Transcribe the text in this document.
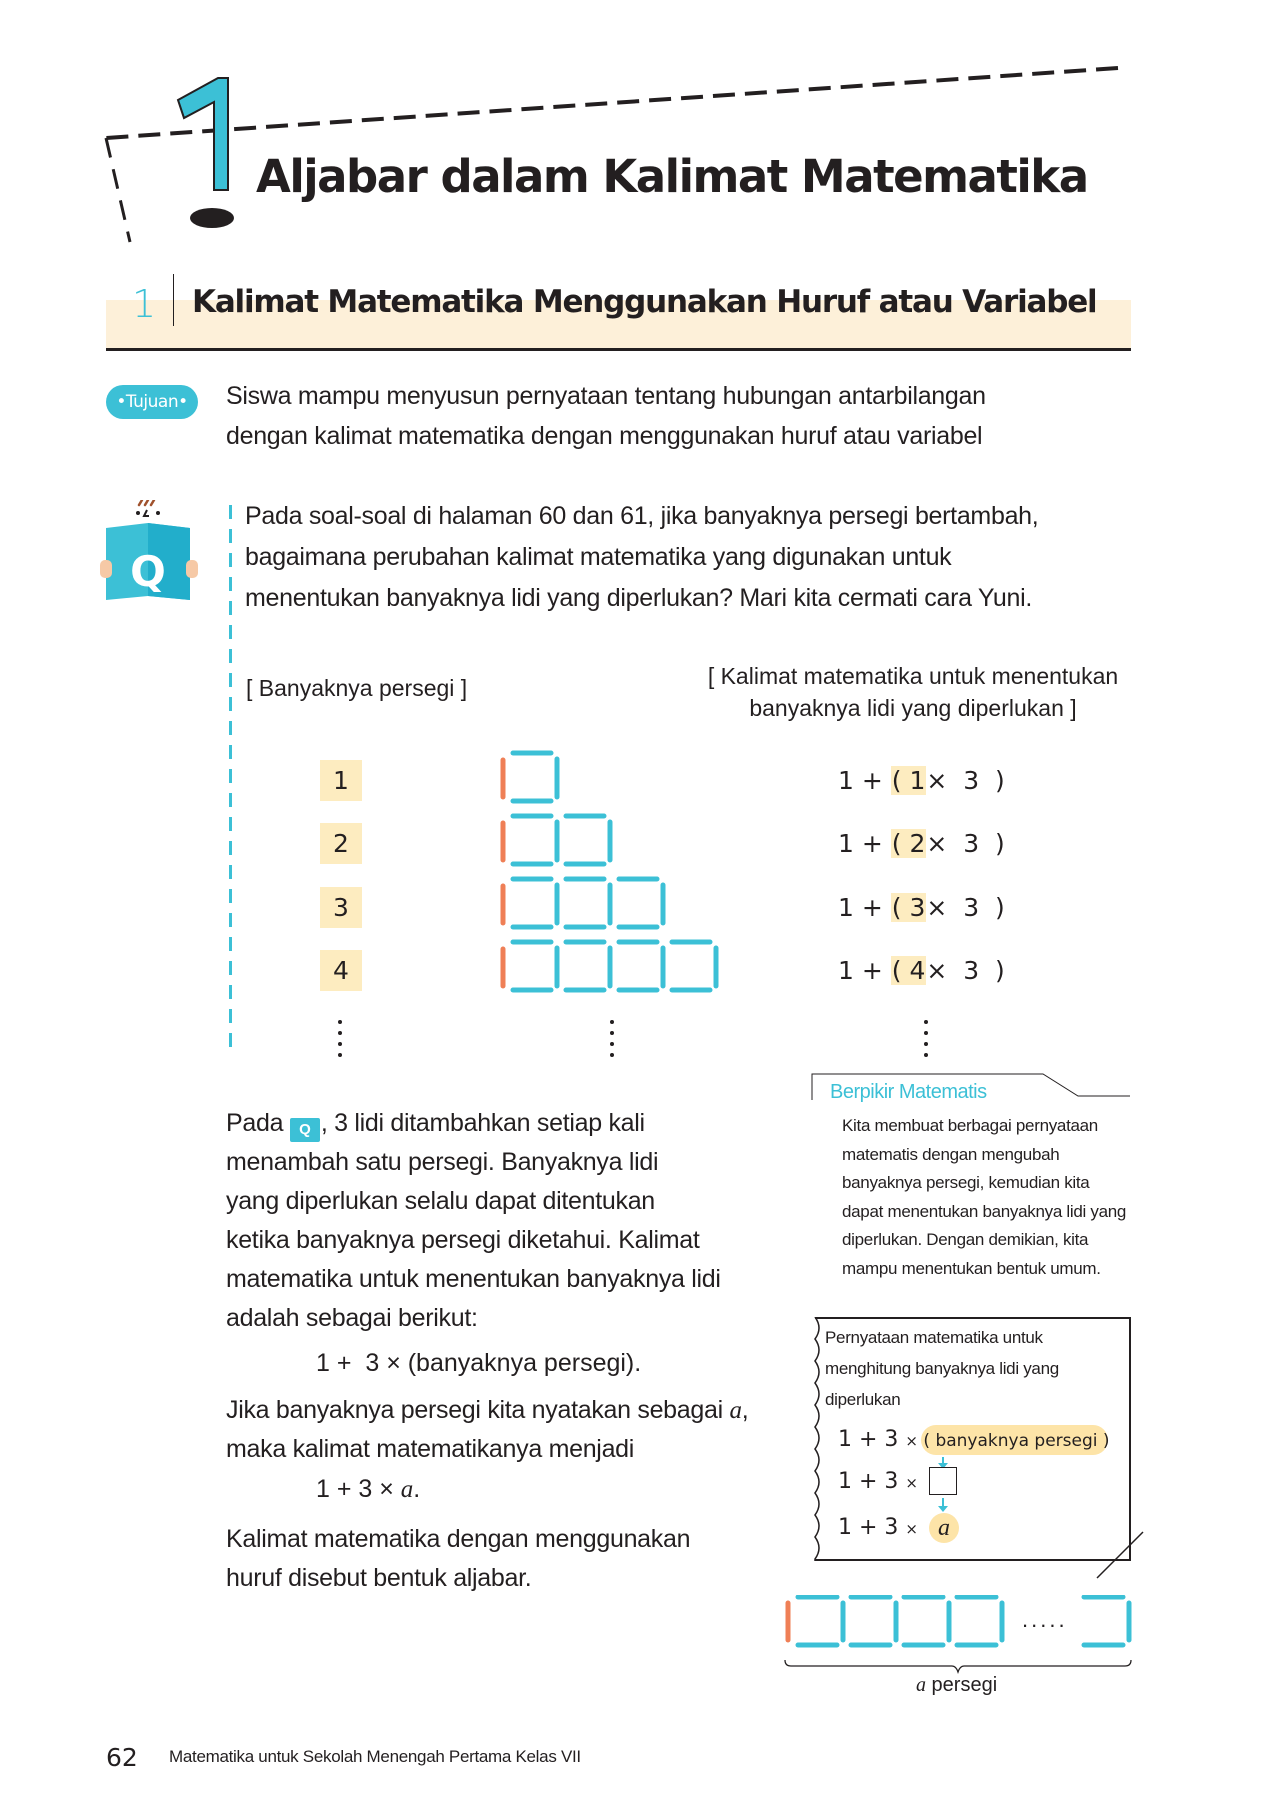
Aljabar dalam Kalimat Matematika
1 Kalimat Matematika Menggunakan Huruf atau Variabel
•Tujuan•	Siswa mampu menyusun pernyataan tentang hubungan antarbilangan
dengan kalimat matematika dengan menggunakan huruf atau variabel
Q
Pada soal-soal di halaman 60 dan 61, jika banyaknya persegi bertambah,
bagaimana perubahan kalimat matematika yang digunakan untuk
menentukan banyaknya lidi yang diperlukan? Mari kita cermati cara Yuni.
[ Banyaknya persegi ]	[ Kalimat matematika untuk menentukan
banyaknya lidi yang diperlukan ]
1
2
3
4
1 + ( 1×  3  )
1 + ( 2×  3  )
1 + ( 3×  3  )
1 + ( 4×  3  )
Pada Q , 3 lidi ditambahkan setiap kali
menambah satu persegi. Banyaknya lidi
yang diperlukan selalu dapat ditentukan
ketika banyaknya persegi diketahui. Kalimat
matematika untuk menentukan banyaknya lidi
adalah sebagai berikut:
1 +  3 × (banyaknya persegi).
Jika banyaknya persegi kita nyatakan sebagai a,
maka kalimat matematikanya menjadi
1 + 3 × a.
Kalimat matematika dengan menggunakan
huruf disebut bentuk aljabar.
Berpikir Matematis
Kita membuat berbagai pernyataan
matematis dengan mengubah
banyaknya persegi, kemudian kita
dapat menentukan banyaknya lidi yang
diperlukan. Dengan demikian, kita
mampu menentukan bentuk umum.
Pernyataan matematika untuk
menghitung banyaknya lidi yang
diperlukan
1 + 3 × ( banyaknya persegi )
1 + 3 ×
1 + 3 × a
.....
a persegi
62 Matematika untuk Sekolah Menengah Pertama Kelas VII
